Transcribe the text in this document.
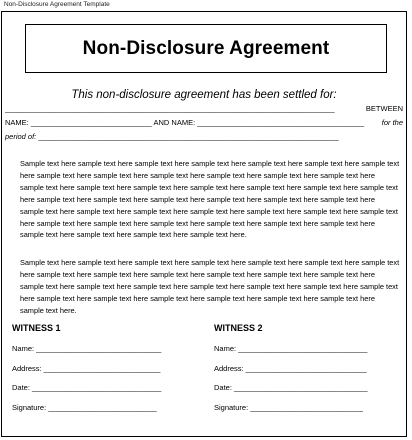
Non-Disclosure Agreement Template
Non-Disclosure Agreement
This non-disclosure agreement has been settled for:
_______________________________________________________________________________	BETWEEN
NAME: _____________________________ AND NAME: ________________________________________ for the
period of: ________________________________________________________________________
Sample text here sample text here sample text here sample text here sample text here sample text here sample text here sample text here sample text here sample text here sample text here sample text here sample text here sample text here sample text here sample text here sample text here sample text here sample text here sample text here sample text here sample text here sample text here sample text here sample text here sample text here sample text here sample text here sample text here sample text here sample text here sample text here sample text here sample text here sample text here sample text here sample text here sample text here sample text here sample text here sample text here sample text here sample text here.
Sample text here sample text here sample text here sample text here sample text here sample text here sample text here sample text here sample text here sample text here sample text here sample text here sample text here sample text here sample text here sample text here sample text here sample text here sample text here sample text here sample text here sample text here sample text here sample text here sample text here sample text here sample text here.
WITNESS 1
Name: ______________________________
Address: ____________________________
Date: _______________________________
Signature: __________________________
WITNESS 2
Name: _______________________________
Address: _____________________________
Date: ________________________________
Signature: ___________________________
